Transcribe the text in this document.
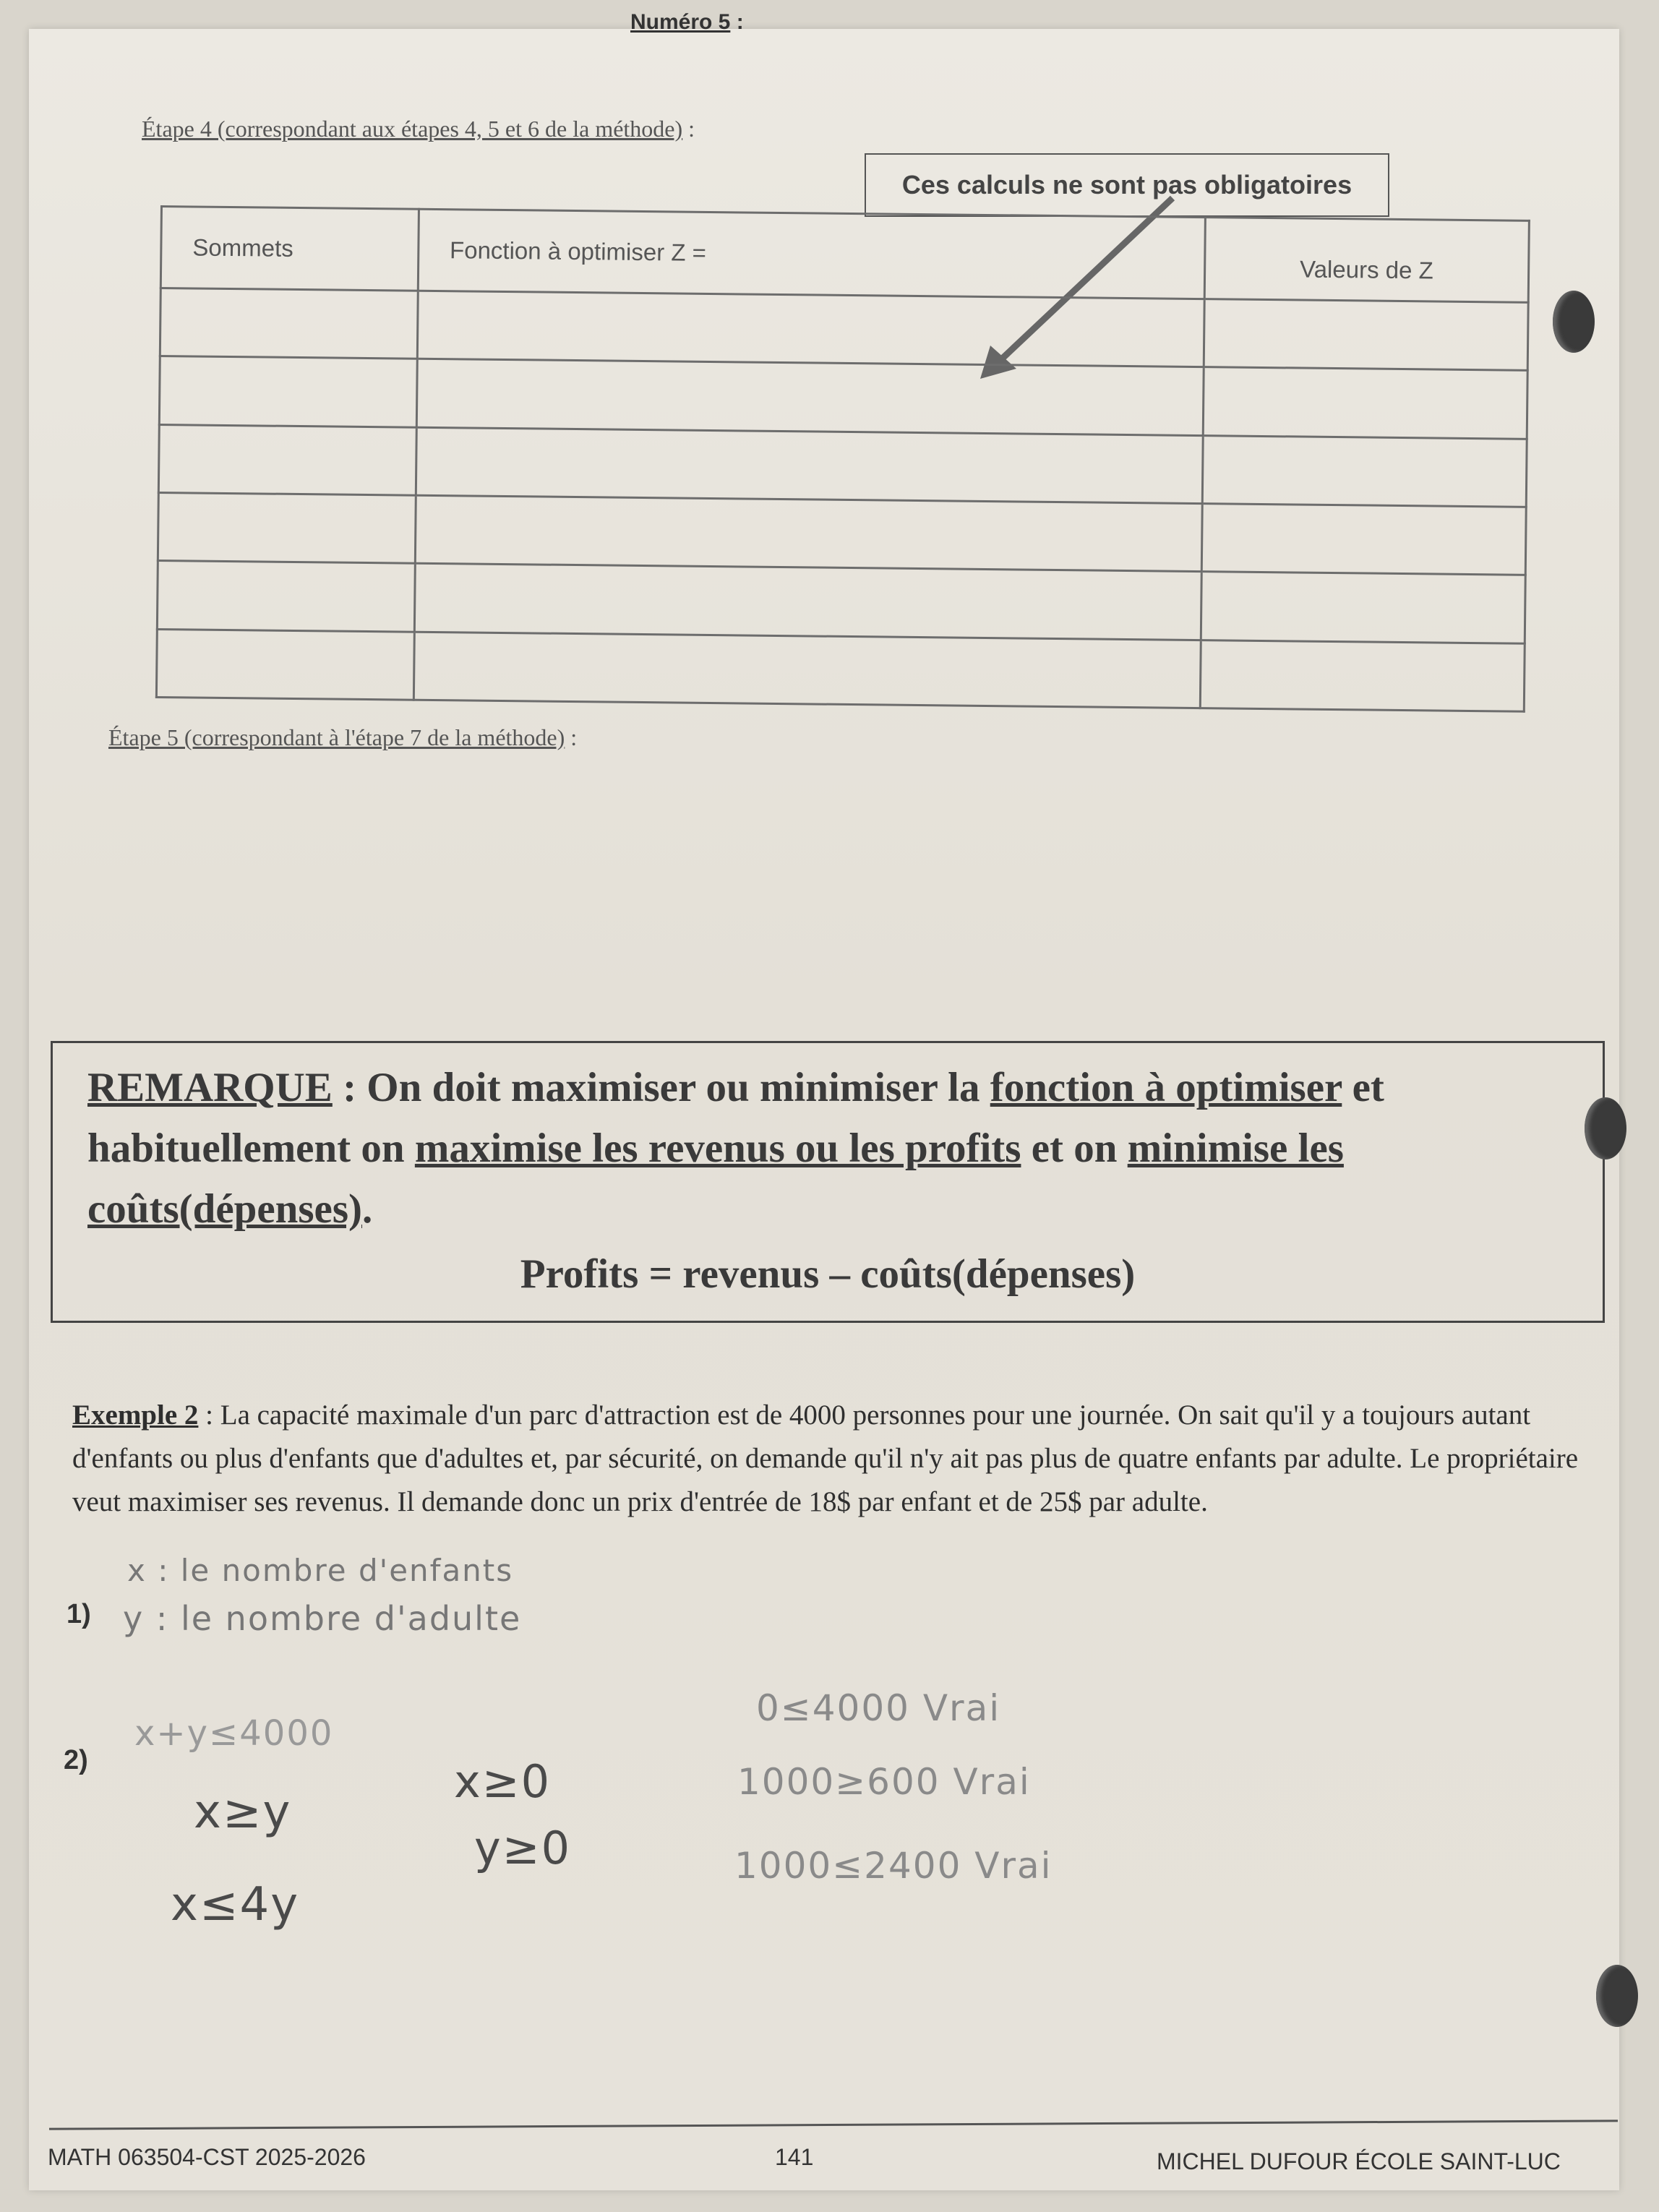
Numéro 5 :
Étape 4 (correspondant aux étapes 4, 5 et 6 de la méthode) :
Ces calculs ne sont pas obligatoires
Sommets	Fonction à optimiser Z =	Valeurs de Z

Étape 5 (correspondant à l'étape 7 de la méthode) :
REMARQUE : On doit maximiser ou minimiser la fonction à optimiser et habituellement on maximise les revenus ou les profits et on minimise les coûts(dépenses).
Profits = revenus – coûts(dépenses)
Exemple 2 : La capacité maximale d'un parc d'attraction est de 4000 personnes pour une journée. On sait qu'il y a toujours autant d'enfants ou plus d'enfants que d'adultes et, par sécurité, on demande qu'il n'y ait pas plus de quatre enfants par adulte. Le propriétaire veut maximiser ses revenus. Il demande donc un prix d'entrée de 18$ par enfant et de 25$ par adulte.
1)
2)
x : le nombre d'enfants
y : le nombre d'adulte
x+y≤4000
x≥y
x≤4y
x≥0
y≥0
0≤4000 Vrai
1000≥600 Vrai
1000≤2400 Vrai
MATH 063504-CST 2025-2026	141	MICHEL DUFOUR ÉCOLE SAINT-LUC
